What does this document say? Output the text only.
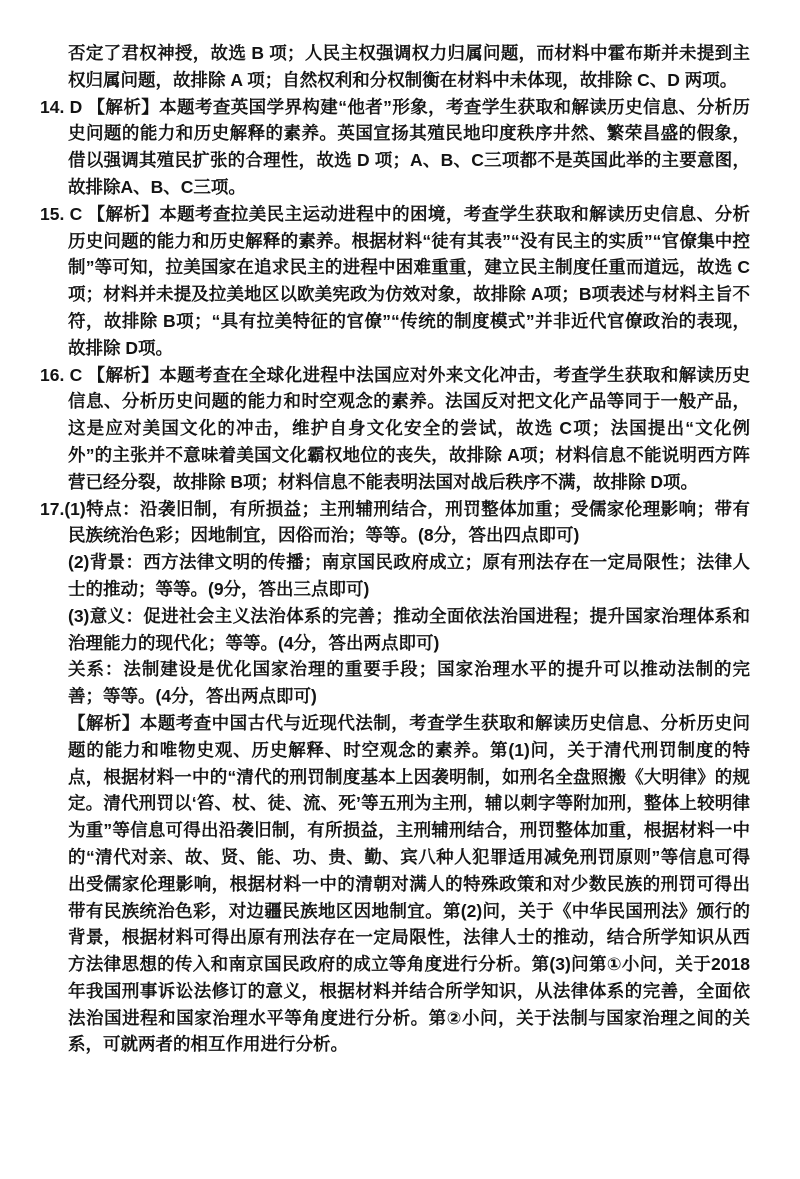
否定了君权神授，故选 B 项；人民主权强调权力归属问题，而材料中霍布斯并未提到主权归属问题，故排除 A 项；自然权利和分权制衡在材料中未体现，故排除 C、D 两项。

14. D 【解析】本题考查英国学界构建“他者”形象，考查学生获取和解读历史信息、分析历史问题的能力和历史解释的素养。英国宣扬其殖民地印度秩序井然、繁荣昌盛的假象，借以强调其殖民扩张的合理性，故选 D 项；A、B、C三项都不是英国此举的主要意图，故排除A、B、C三项。

15. C 【解析】本题考查拉美民主运动进程中的困境，考查学生获取和解读历史信息、分析历史问题的能力和历史解释的素养。根据材料“徒有其表”“没有民主的实质”“官僚集中控制”等可知，拉美国家在追求民主的进程中困难重重，建立民主制度任重而道远，故选 C项；材料并未提及拉美地区以欧美宪政为仿效对象，故排除 A项；B项表述与材料主旨不符，故排除 B项；“具有拉美特征的官僚”“传统的制度模式”并非近代官僚政治的表现，故排除 D项。

16. C 【解析】本题考查在全球化进程中法国应对外来文化冲击，考查学生获取和解读历史信息、分析历史问题的能力和时空观念的素养。法国反对把文化产品等同于一般产品，这是应对美国文化的冲击，维护自身文化安全的尝试，故选 C项；法国提出“文化例外”的主张并不意味着美国文化霸权地位的丧失，故排除 A项；材料信息不能说明西方阵营已经分裂，故排除 B项；材料信息不能表明法国对战后秩序不满，故排除 D项。

17.(1)特点：沿袭旧制，有所损益；主刑辅刑结合，刑罚整体加重；受儒家伦理影响；带有民族统治色彩；因地制宜，因俗而治；等等。(8分，答出四点即可)

(2)背景：西方法律文明的传播；南京国民政府成立；原有刑法存在一定局限性；法律人士的推动；等等。(9分，答出三点即可)

(3)意义：促进社会主义法治体系的完善；推动全面依法治国进程；提升国家治理体系和治理能力的现代化；等等。(4分，答出两点即可)

关系：法制建设是优化国家治理的重要手段；国家治理水平的提升可以推动法制的完善；等等。(4分，答出两点即可)

【解析】本题考查中国古代与近现代法制，考查学生获取和解读历史信息、分析历史问题的能力和唯物史观、历史解释、时空观念的素养。第(1)问，关于清代刑罚制度的特点，根据材料一中的“清代的刑罚制度基本上因袭明制，如刑名全盘照搬《大明律》的规定。清代刑罚以‘笞、杖、徒、流、死’等五刑为主刑，辅以刺字等附加刑，整体上较明律为重”等信息可得出沿袭旧制，有所损益，主刑辅刑结合，刑罚整体加重，根据材料一中的“清代对亲、故、贤、能、功、贵、勤、宾八种人犯罪适用减免刑罚原则”等信息可得出受儒家伦理影响，根据材料一中的清朝对满人的特殊政策和对少数民族的刑罚可得出带有民族统治色彩，对边疆民族地区因地制宜。第(2)问，关于《中华民国刑法》颁行的背景，根据材料可得出原有刑法存在一定局限性，法律人士的推动，结合所学知识从西方法律思想的传入和南京国民政府的成立等角度进行分析。第(3)问第①小问，关于2018年我国刑事诉讼法修订的意义，根据材料并结合所学知识，从法律体系的完善，全面依法治国进程和国家治理水平等角度进行分析。第②小问，关于法制与国家治理之间的关系，可就两者的相互作用进行分析。
